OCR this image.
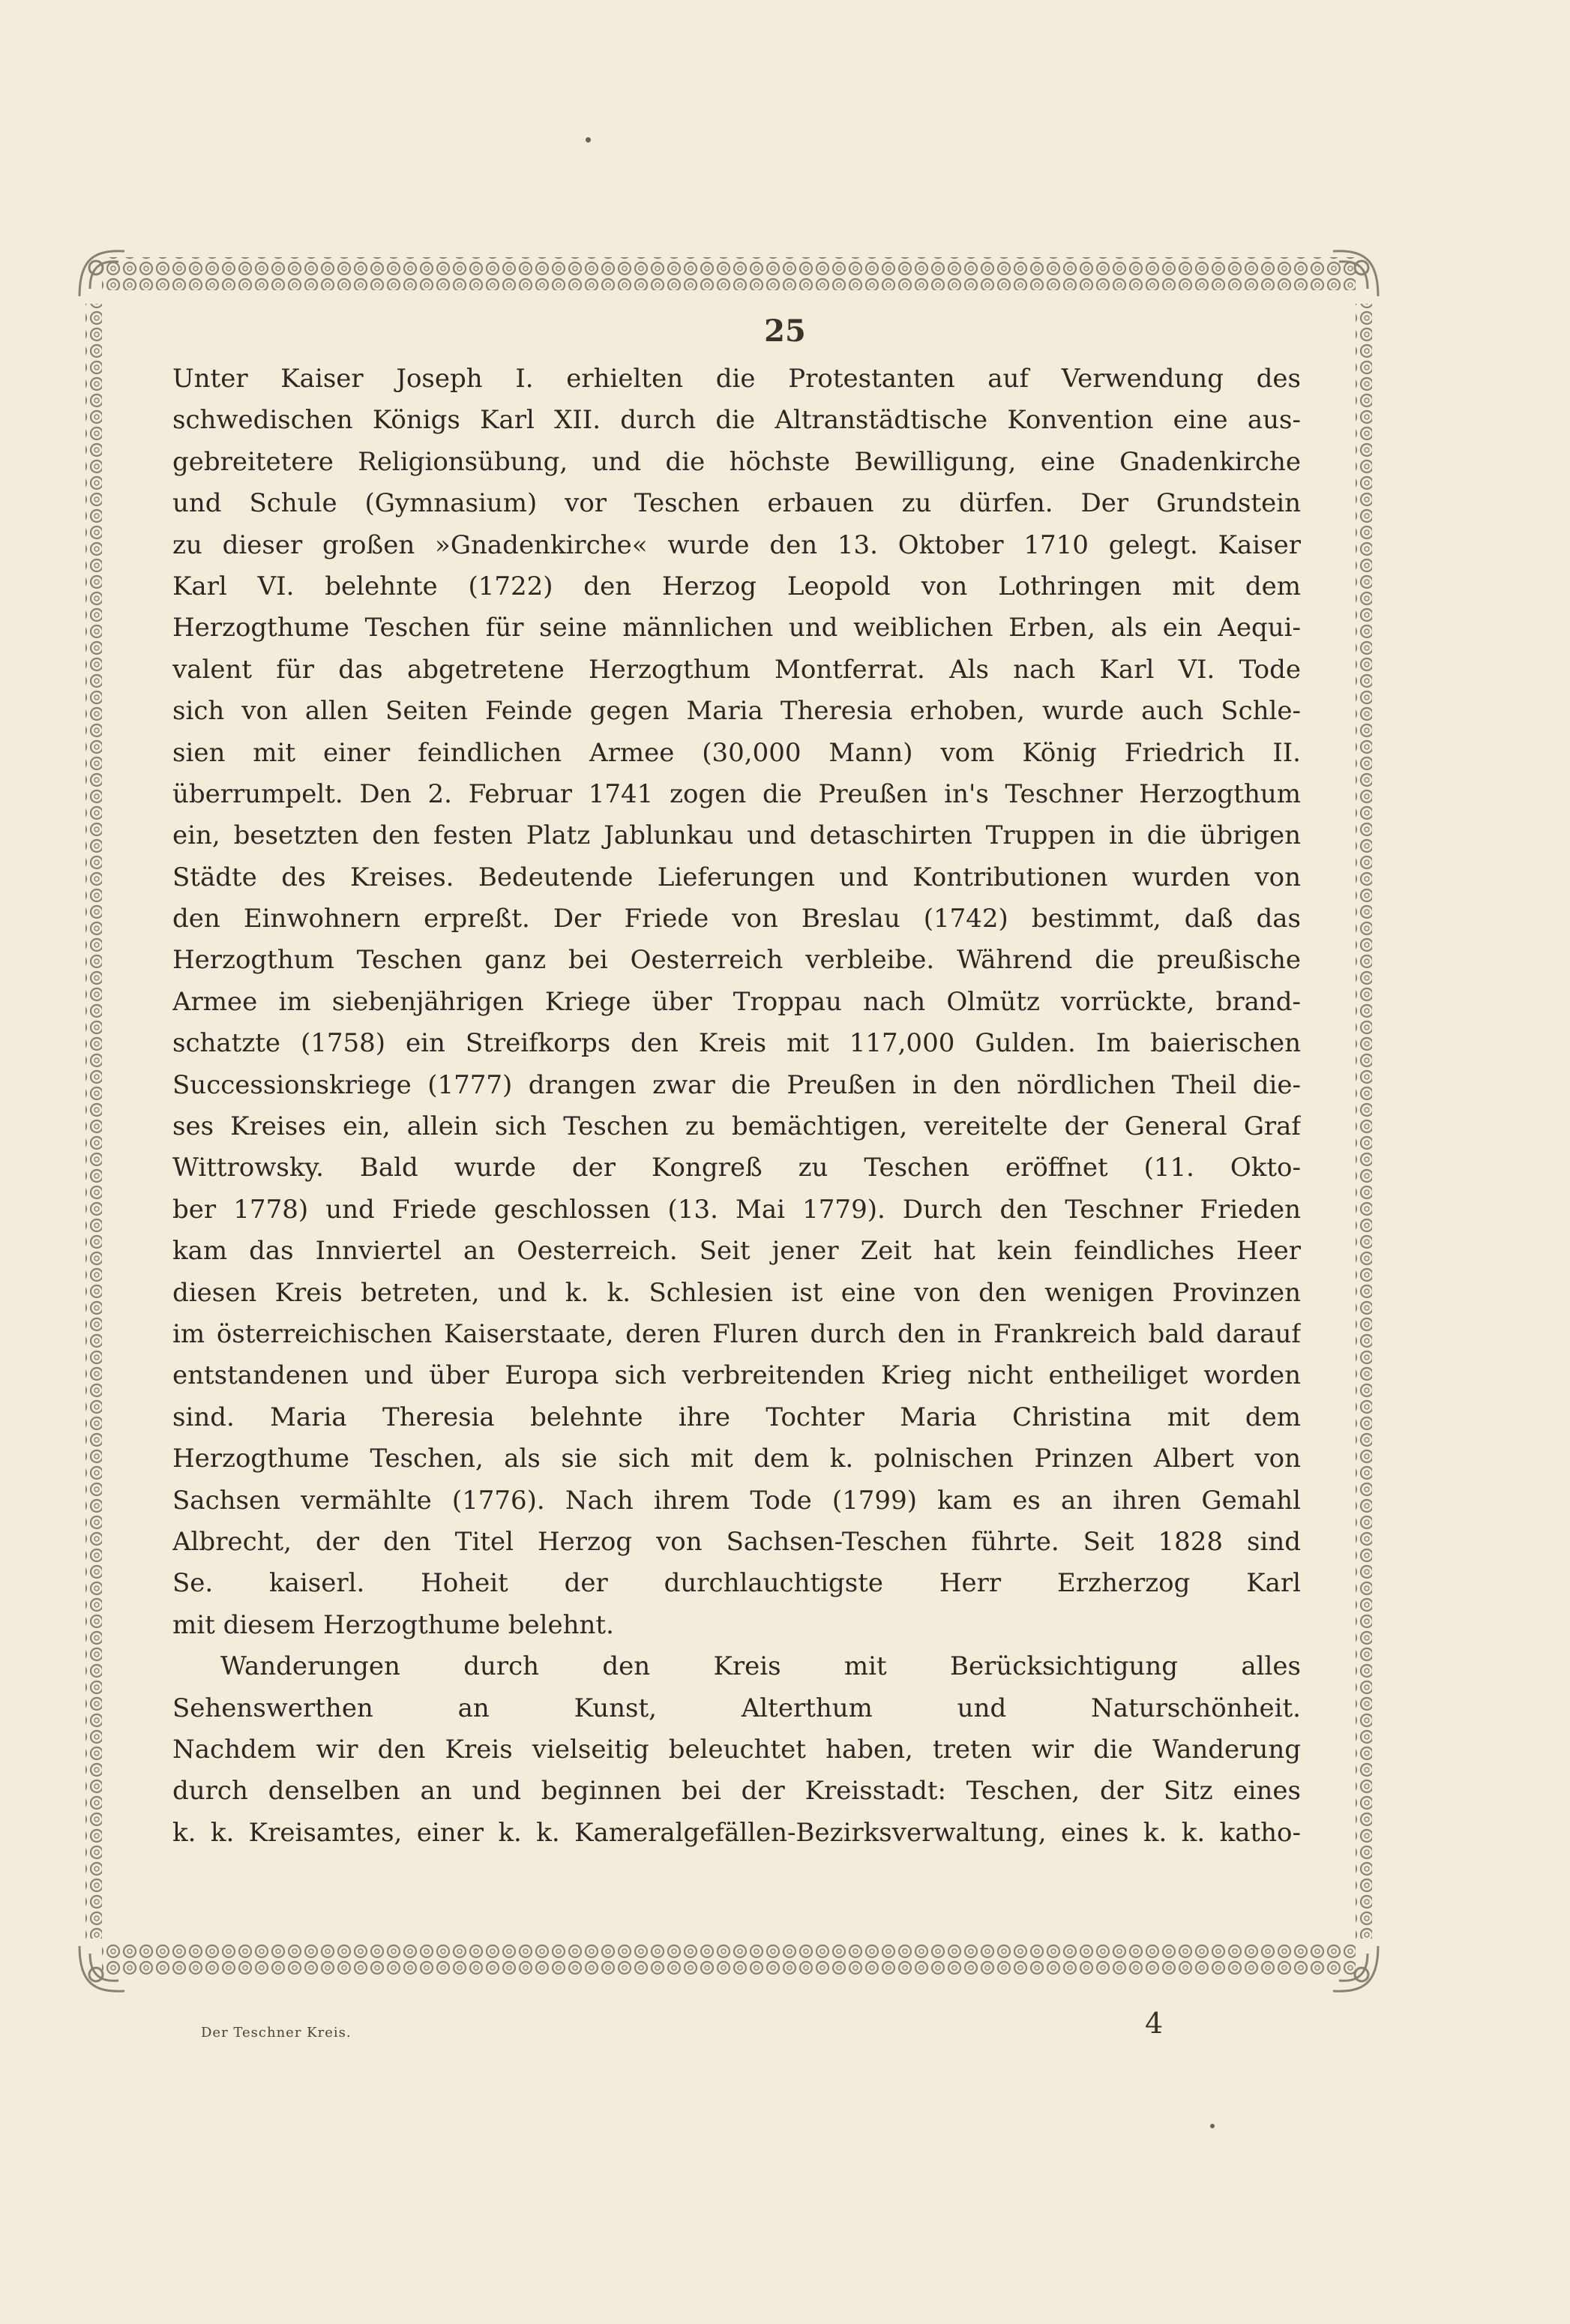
25
Unter Kaiser Joseph I. erhielten die Protestanten auf Verwendung des
schwedischen Königs Karl XII. durch die Altranstädtische Konvention eine aus-
gebreitetere Religionsübung, und die höchste Bewilligung, eine Gnadenkirche
und Schule (Gymnasium) vor Teschen erbauen zu dürfen. Der Grundstein
zu dieser großen »Gnadenkirche« wurde den 13. Oktober 1710 gelegt. Kaiser
Karl VI. belehnte (1722) den Herzog Leopold von Lothringen mit dem
Herzogthume Teschen für seine männlichen und weiblichen Erben, als ein Aequi-
valent für das abgetretene Herzogthum Montferrat. Als nach Karl VI. Tode
sich von allen Seiten Feinde gegen Maria Theresia erhoben, wurde auch Schle-
sien mit einer feindlichen Armee (30,000 Mann) vom König Friedrich II.
überrumpelt. Den 2. Februar 1741 zogen die Preußen in's Teschner Herzogthum
ein, besetzten den festen Platz Jablunkau und detaschirten Truppen in die übrigen
Städte des Kreises. Bedeutende Lieferungen und Kontributionen wurden von
den Einwohnern erpreßt. Der Friede von Breslau (1742) bestimmt, daß das
Herzogthum Teschen ganz bei Oesterreich verbleibe. Während die preußische
Armee im siebenjährigen Kriege über Troppau nach Olmütz vorrückte, brand-
schatzte (1758) ein Streifkorps den Kreis mit 117,000 Gulden. Im baierischen
Successionskriege (1777) drangen zwar die Preußen in den nördlichen Theil die-
ses Kreises ein, allein sich Teschen zu bemächtigen, vereitelte der General Graf
Wittrowsky. Bald wurde der Kongreß zu Teschen eröffnet (11. Okto-
ber 1778) und Friede geschlossen (13. Mai 1779). Durch den Teschner Frieden
kam das Innviertel an Oesterreich. Seit jener Zeit hat kein feindliches Heer
diesen Kreis betreten, und k. k. Schlesien ist eine von den wenigen Provinzen
im österreichischen Kaiserstaate, deren Fluren durch den in Frankreich bald darauf
entstandenen und über Europa sich verbreitenden Krieg nicht entheiliget worden
sind. Maria Theresia belehnte ihre Tochter Maria Christina mit dem
Herzogthume Teschen, als sie sich mit dem k. polnischen Prinzen Albert von
Sachsen vermählte (1776). Nach ihrem Tode (1799) kam es an ihren Gemahl
Albrecht, der den Titel Herzog von Sachsen-Teschen führte. Seit 1828 sind
Se. kaiserl. Hoheit der durchlauchtigste Herr Erzherzog Karl
mit diesem Herzogthume belehnt.
Wanderungen durch den Kreis mit Berücksichtigung alles
Sehenswerthen an Kunst, Alterthum und Naturschönheit.
Nachdem wir den Kreis vielseitig beleuchtet haben, treten wir die Wanderung
durch denselben an und beginnen bei der Kreisstadt: Teschen, der Sitz eines
k. k. Kreisamtes, einer k. k. Kameralgefällen-Bezirksverwaltung, eines k. k. katho-
Der Teschner Kreis.	4
